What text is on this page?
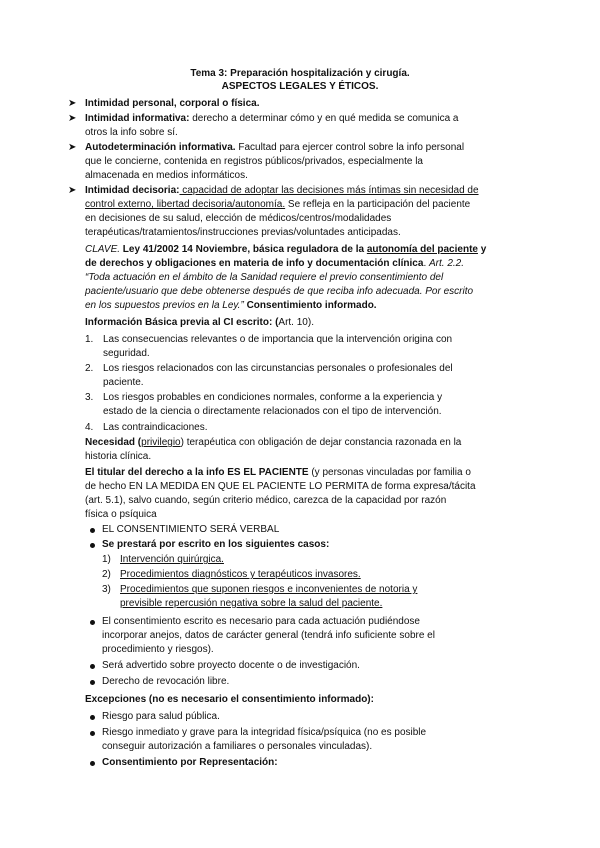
Tema 3: Preparación hospitalización y cirugía.
ASPECTOS LEGALES Y ÉTICOS.
➤ Intimidad personal, corporal o física.
➤ Intimidad informativa: derecho a determinar cómo y en qué medida se comunica a
otros la info sobre sí.
➤ Autodeterminación informativa. Facultad para ejercer control sobre la info personal
que le concierne, contenida en registros públicos/privados, especialmente la
almacenada en medios informáticos.
➤ Intimidad decisoria: capacidad de adoptar las decisiones más íntimas sin necesidad de
control externo, libertad decisoria/autonomía. Se refleja en la participación del paciente
en decisiones de su salud, elección de médicos/centros/modalidades
terapéuticas/tratamientos/instrucciones previas/voluntades anticipadas.
CLAVE. Ley 41/2002 14 Noviembre, básica reguladora de la autonomía del paciente y
de derechos y obligaciones en materia de info y documentación clínica. Art. 2.2.
“Toda actuación en el ámbito de la Sanidad requiere el previo consentimiento del
paciente/usuario que debe obtenerse después de que reciba info adecuada. Por escrito
en los supuestos previos en la Ley.” Consentimiento informado.
Información Básica previa al CI escrito: (Art. 10).
1. Las consecuencias relevantes o de importancia que la intervención origina con
seguridad.
2. Los riesgos relacionados con las circunstancias personales o profesionales del
paciente.
3. Los riesgos probables en condiciones normales, conforme a la experiencia y
estado de la ciencia o directamente relacionados con el tipo de intervención.
4. Las contraindicaciones.
Necesidad (privilegio) terapéutica con obligación de dejar constancia razonada en la
historia clínica.
El titular del derecho a la info ES EL PACIENTE (y personas vinculadas por familia o
de hecho EN LA MEDIDA EN QUE EL PACIENTE LO PERMITA de forma expresa/tácita
(art. 5.1), salvo cuando, según criterio médico, carezca de la capacidad por razón
física o psíquica
EL CONSENTIMIENTO SERÁ VERBAL
Se prestará por escrito en los siguientes casos:
1) Intervención quirúrgica.
2) Procedimientos diagnósticos y terapéuticos invasores.
3) Procedimientos que suponen riesgos e inconvenientes de notoria y
previsible repercusión negativa sobre la salud del paciente.
El consentimiento escrito es necesario para cada actuación pudiéndose
incorporar anejos, datos de carácter general (tendrá info suficiente sobre el
procedimiento y riesgos).
Será advertido sobre proyecto docente o de investigación.
Derecho de revocación libre.
Excepciones (no es necesario el consentimiento informado):
Riesgo para salud pública.
Riesgo inmediato y grave para la integridad física/psíquica (no es posible
conseguir autorización a familiares o personales vinculadas).
Consentimiento por Representación:
